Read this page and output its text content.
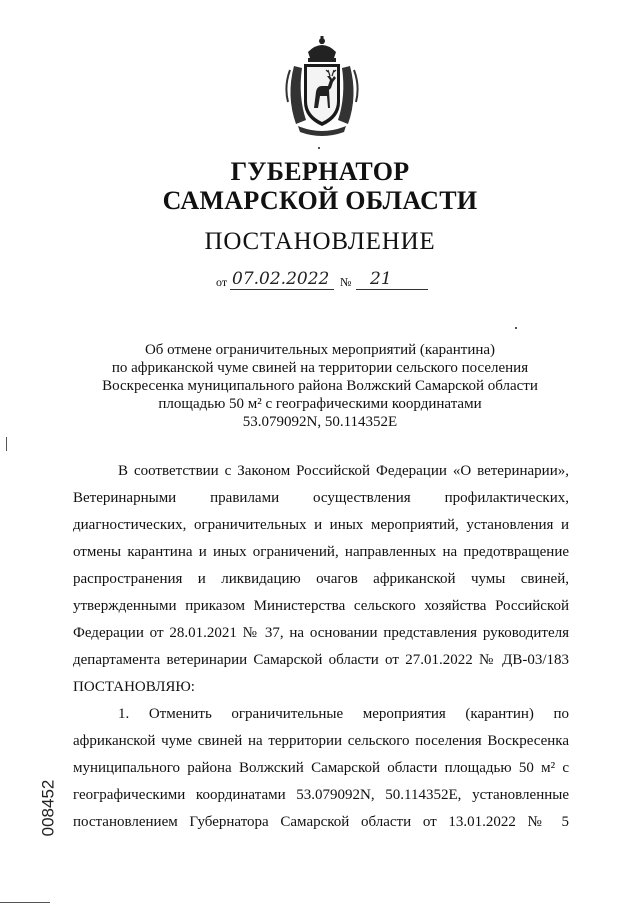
ГУБЕРНАТОР
САМАРСКОЙ ОБЛАСТИ
ПОСТАНОВЛЕНИЕ
от 07.02.2022 № 21
Об отмене ограничительных мероприятий (карантина)
по африканской чуме свиней на территории сельского поселения
Воскресенка муниципального района Волжский Самарской области
площадью 50 м² с географическими координатами
53.079092N, 50.114352E

В соответствии с Законом Российской Федерации «О ветеринарии»,

Ветеринарными правилами осуществления профилактических,

диагностических, ограничительных и иных мероприятий, установления и

отмены карантина и иных ограничений, направленных на предотвращение

распространения и ликвидацию очагов африканской чумы свиней,

утвержденными приказом Министерства сельского хозяйства Российской

Федерации от 28.01.2021 № 37, на основании представления руководителя

департамента ветеринарии Самарской области от 27.01.2022 № ДВ-03/183

ПОСТАНОВЛЯЮ:

1. Отменить ограничительные мероприятия (карантин) по

африканской чуме свиней на территории сельского поселения Воскресенка

муниципального района Волжский Самарской области площадью 50 м² с

географическими координатами 53.079092N, 50.114352E, установленные

постановлением Губернатора Самарской области от 13.01.2022 № 5

008452
